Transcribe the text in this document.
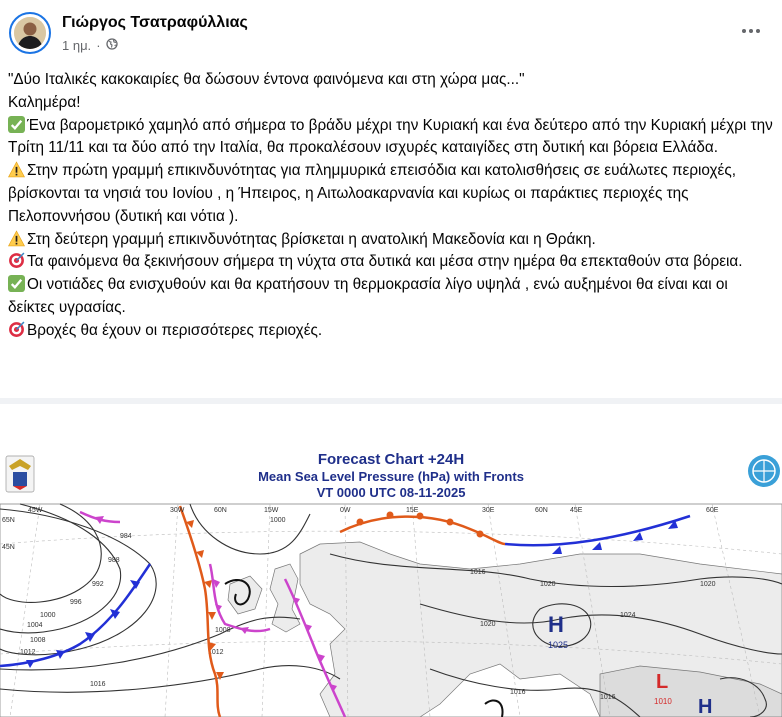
Γιώργος Τσατραφύλλιας
1 ημ. ·

"Δύο Ιταλικές κακοκαιρίες θα δώσουν έντονα φαινόμενα και στη χώρα μας..."

Καλημέρα!

Ένα βαρομετρικό χαμηλό από σήμερα το βράδυ μέχρι την Κυριακή και ένα δεύτερο από την Κυριακή μέχρι την Τρίτη 11/11 και τα δύο από την Ιταλία, θα προκαλέσουν ισχυρές καταιγίδες στη δυτική και βόρεια Ελλάδα.

Στην πρώτη γραμμή επικινδυνότητας για πλημμυρικά επεισόδια και κατολισθήσεις σε ευάλωτες περιοχές, βρίσκονται τα νησιά του Ιονίου , η Ήπειρος, η Αιτωλοακαρνανία και κυρίως οι παράκτιες περιοχές της Πελοποννήσου (δυτική και νότια ).

Στη δεύτερη γραμμή επικινδυνότητας βρίσκεται η ανατολική Μακεδονία και η Θράκη.

Τα φαινόμενα θα ξεκινήσουν σήμερα τη νύχτα στα δυτικά και μέσα στην ημέρα θα επεκταθούν στα βόρεια.

Οι νοτιάδες θα ενισχυθούν και θα κρατήσουν τη θερμοκρασία λίγο υψηλά , ενώ αυξημένοι θα είναι και οι δείκτες υγρασίας.

Βροχές θα έχουν οι περισσότερες περιοχές.

984
988
992
996
1000
1004
1008
1012
1016
1016
1020	1020
1024
1016
1008
1020
1012
1000
1016
H
1025
L
1010 H
45W	30W	60N	15W	0W	15E	30E	60N	45E	60E
65N
45N
Forecast Chart +24H
Mean Sea Level Pressure (hPa) with Fronts
VT 0000 UTC 08-11-2025
